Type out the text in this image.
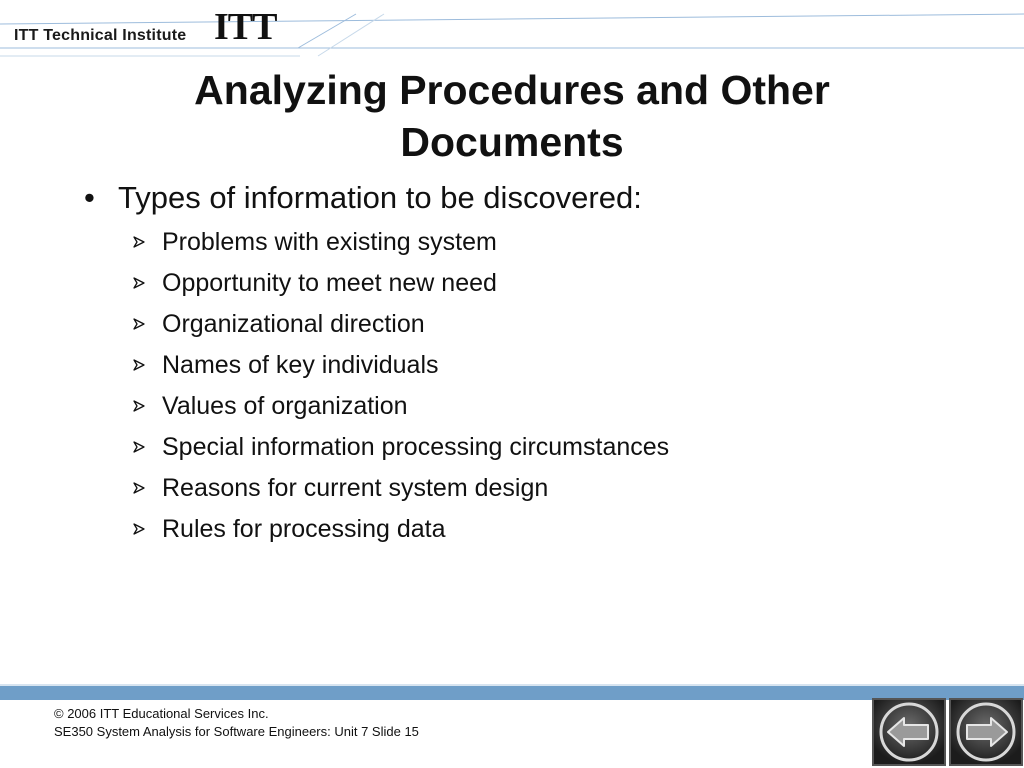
ITT Technical Institute ITT
Analyzing Procedures and Other
Documents
• Types of information to be discovered:
Problems with existing system
Opportunity to meet new need
Organizational direction
Names of key individuals
Values of organization
Special information processing circumstances
Reasons for current system design
Rules for processing data
© 2006 ITT Educational Services Inc.
SE350 System Analysis for Software Engineers: Unit 7 Slide 15
